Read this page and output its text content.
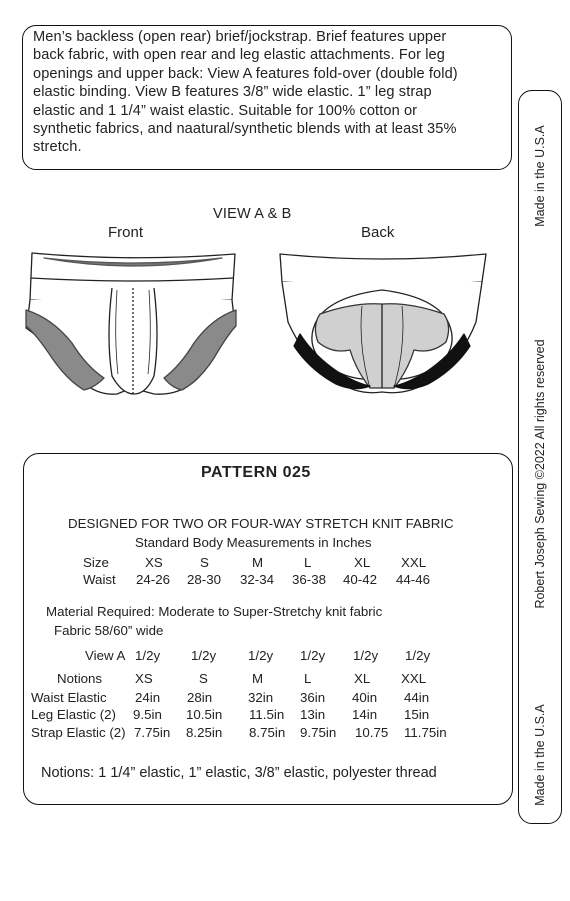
Men’s backless (open rear) brief/jockstrap. Brief features upper
back fabric, with open rear and leg elastic attachments. For leg
openings and upper back: View A features fold-over (double fold)
elastic binding. View B features 3/8” wide elastic. 1” leg strap
elastic and 1 1/4” waist elastic. Suitable for 100% cotton or
synthetic fabrics, and naatural/synthetic blends with at least 35%
stretch.	Made in the U.S.A
Robert Joseph Sewing ©2022 All rights reserved
Made in the U.S.A
VIEW A & B
Front	Back
PATTERN 025
DESIGNED FOR TWO OR FOUR-WAY STRETCH KNIT FABRIC
Standard Body Measurements in Inches
Size	XS	S	M	L	XL XXL
Waist 24-26 28-30 32-34 36-38 40-42 44-46
Material Required: Moderate to Super-Stretchy knit fabric
Fabric 58/60” wide
View A 1/2y 1/2y 1/2y 1/2y 1/2y 1/2y
Notions XS	S	M	L	XL XXL
Waist Elastic 24in 28in	32in 36in 40in 44in
Leg Elastic (2) 9.5in 10.5in 11.5in 13in 14in 15in
Strap Elastic (2) 7.75in 8.25in 8.75in 9.75in 10.75 11.75in
Notions: 1 1/4” elastic, 1” elastic, 3/8” elastic, polyester thread
